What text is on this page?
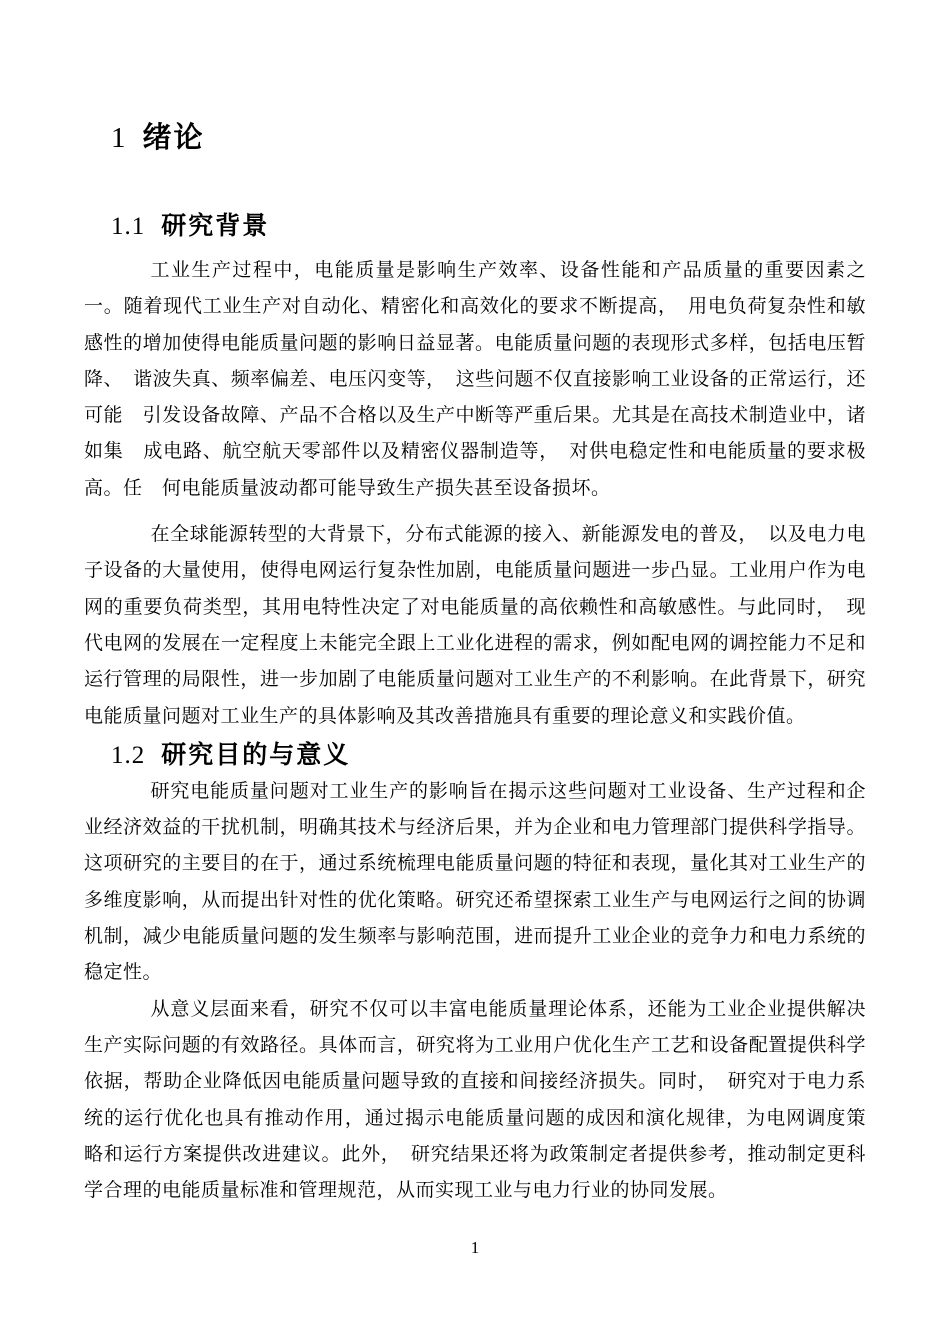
1 绪论
1.1 研究背景

工业生产过程中，电能质量是影响生产效率、设备性能和产品质量的重要因素之一。随着现代工业生产对自动化、精密化和高效化的要求不断提高，　用电负荷复杂性和敏感性的增加使得电能质量问题的影响日益显著。电能质量问题的表现形式多样，包括电压暂降、　谐波失真、频率偏差、电压闪变等，　这些问题不仅直接影响工业设备的正常运行，还可能　引发设备故障、产品不合格以及生产中断等严重后果。尤其是在高技术制造业中，诸如集　成电路、航空航天零部件以及精密仪器制造等，　对供电稳定性和电能质量的要求极高。任　何电能质量波动都可能导致生产损失甚至设备损坏。

在全球能源转型的大背景下，分布式能源的接入、新能源发电的普及，　以及电力电子设备的大量使用，使得电网运行复杂性加剧，电能质量问题进一步凸显。工业用户作为电网的重要负荷类型，其用电特性决定了对电能质量的高依赖性和高敏感性。与此同时，　现代电网的发展在一定程度上未能完全跟上工业化进程的需求，例如配电网的调控能力不足和运行管理的局限性，进一步加剧了电能质量问题对工业生产的不利影响。在此背景下，研究电能质量问题对工业生产的具体影响及其改善措施具有重要的理论意义和实践价值。

1.2 研究目的与意义

研究电能质量问题对工业生产的影响旨在揭示这些问题对工业设备、生产过程和企业经济效益的干扰机制，明确其技术与经济后果，并为企业和电力管理部门提供科学指导。这项研究的主要目的在于，通过系统梳理电能质量问题的特征和表现，量化其对工业生产的多维度影响，从而提出针对性的优化策略。研究还希望探索工业生产与电网运行之间的协调机制，减少电能质量问题的发生频率与影响范围，进而提升工业企业的竞争力和电力系统的稳定性。

从意义层面来看，研究不仅可以丰富电能质量理论体系，还能为工业企业提供解决生产实际问题的有效路径。具体而言，研究将为工业用户优化生产工艺和设备配置提供科学依据，帮助企业降低因电能质量问题导致的直接和间接经济损失。同时，　研究对于电力系　统的运行优化也具有推动作用，通过揭示电能质量问题的成因和演化规律，为电网调度策　略和运行方案提供改进建议。此外，　研究结果还将为政策制定者提供参考，推动制定更科　学合理的电能质量标准和管理规范，从而实现工业与电力行业的协同发展。

1
